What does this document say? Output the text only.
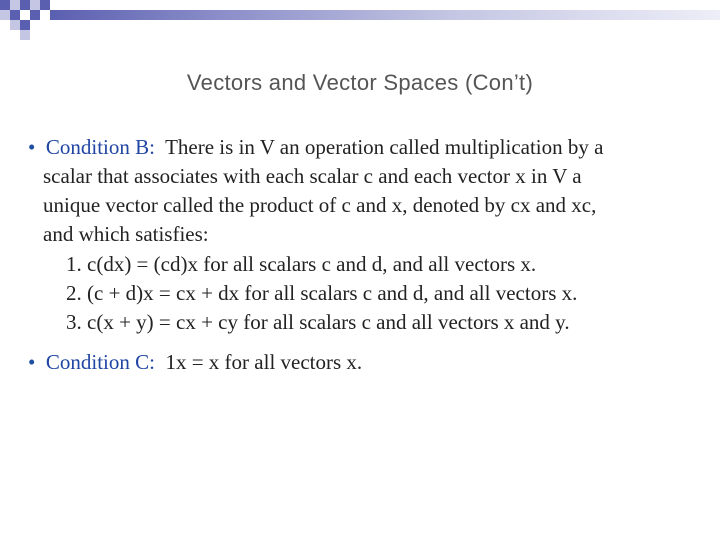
Vectors and Vector Spaces (Con’t)
• Condition B: There is in V an operation called multiplication by a
scalar that associates with each scalar c and each vector x in V a
unique vector called the product of c and x, denoted by cx and xc,
and which satisfies:
1. c(dx) = (cd)x for all scalars c and d, and all vectors x.
2. (c + d)x = cx + dx for all scalars c and d, and all vectors x.
3. c(x + y) = cx + cy for all scalars c and all vectors x and y.
• Condition C: 1x = x for all vectors x.
